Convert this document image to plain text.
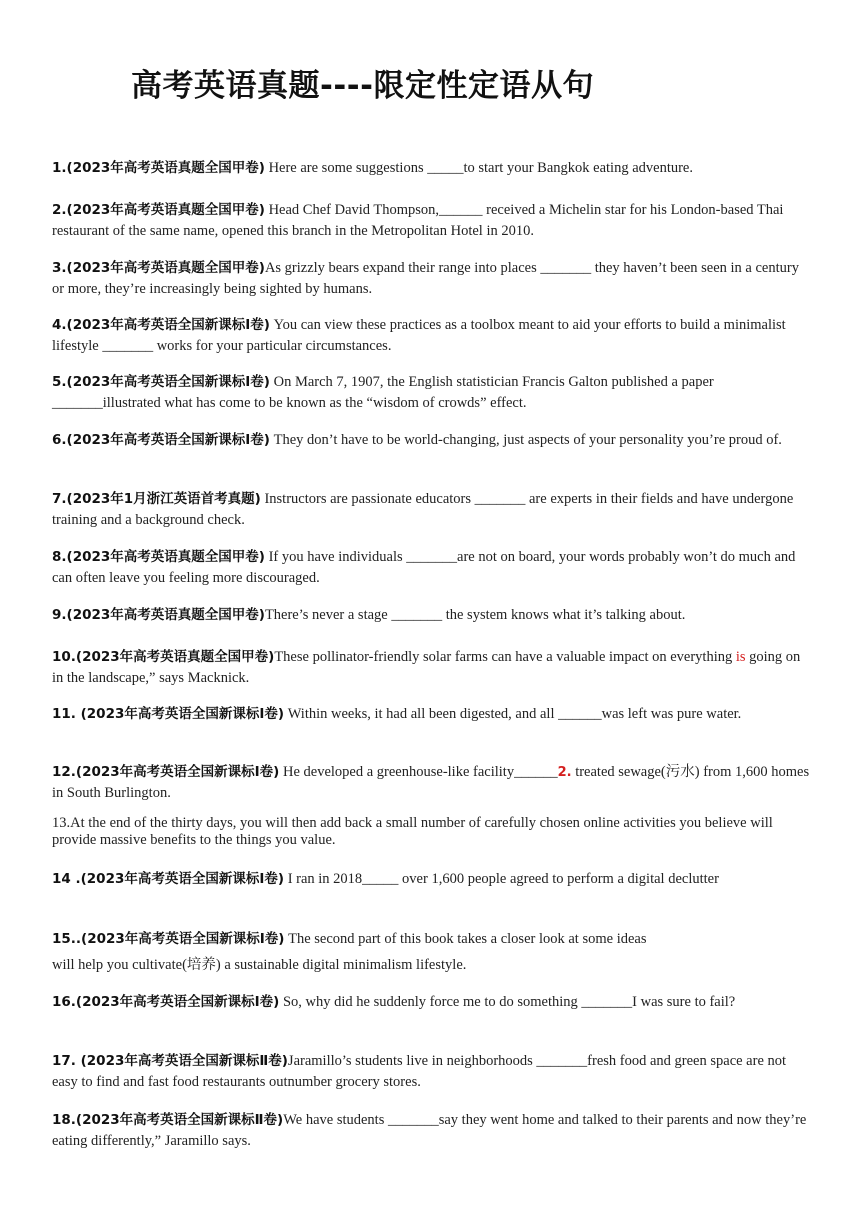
高考英语真题----限定性定语从句
1.(2023年高考英语真题全国甲卷) Here are some suggestions _____to start your Bangkok eating adventure.
2.(2023年高考英语真题全国甲卷) Head Chef David Thompson,______ received a Michelin star for his London-based Thai restaurant of the same name, opened this branch in the Metropolitan Hotel in 2010.
3.(2023年高考英语真题全国甲卷)As grizzly bears expand their range into places _______ they haven’t been seen in a century or more, they’re increasingly being sighted by humans.
4.(2023年高考英语全国新课标Ⅰ卷) You can view these practices as a toolbox meant to aid your efforts to build a minimalist lifestyle _______ works for your particular circumstances.
5.(2023年高考英语全国新课标Ⅰ卷) On March 7, 1907, the English statistician Francis Galton published a paper _______illustrated what has come to be known as the “wisdom of crowds” effect.
6.(2023年高考英语全国新课标Ⅰ卷) They don’t have to be world-changing, just aspects of your personality you’re proud of.
7.(2023年1月浙江英语首考真题) Instructors are passionate educators _______ are experts in their fields and have undergone training and a background check.
8.(2023年高考英语真题全国甲卷) If you have individuals _______are not on board, your words probably won’t do much and can often leave you feeling more discouraged.
9.(2023年高考英语真题全国甲卷)There’s never a stage _______ the system knows what it’s talking about.
10.(2023年高考英语真题全国甲卷)These pollinator-friendly solar farms can have a valuable impact on everything is going on in the landscape,” says Macknick.
11. (2023年高考英语全国新课标Ⅰ卷) Within weeks, it had all been digested, and all ______was left was pure water.
12.(2023年高考英语全国新课标Ⅰ卷) He developed a greenhouse-like facility______2. treated sewage(污水) from 1,600 homes in South Burlington.
13.At the end of the thirty days, you will then add back a small number of carefully chosen online activities you believe will provide massive benefits to the things you value.
14 .(2023年高考英语全国新课标Ⅰ卷) I ran in 2018_____ over 1,600 people agreed to perform a digital declutter
15..(2023年高考英语全国新课标Ⅰ卷) The second part of this book takes a closer look at some ideas
will help you cultivate(培养) a sustainable digital minimalism lifestyle.
16.(2023年高考英语全国新课标Ⅰ卷) So, why did he suddenly force me to do something _______I was sure to fail?
17. (2023年高考英语全国新课标Ⅱ卷)Jaramillo’s students live in neighborhoods _______fresh food and green space are not easy to find and fast food restaurants outnumber grocery stores.
18.(2023年高考英语全国新课标Ⅱ卷)We have students _______say they went home and talked to their parents and now they’re eating differently,” Jaramillo says.
